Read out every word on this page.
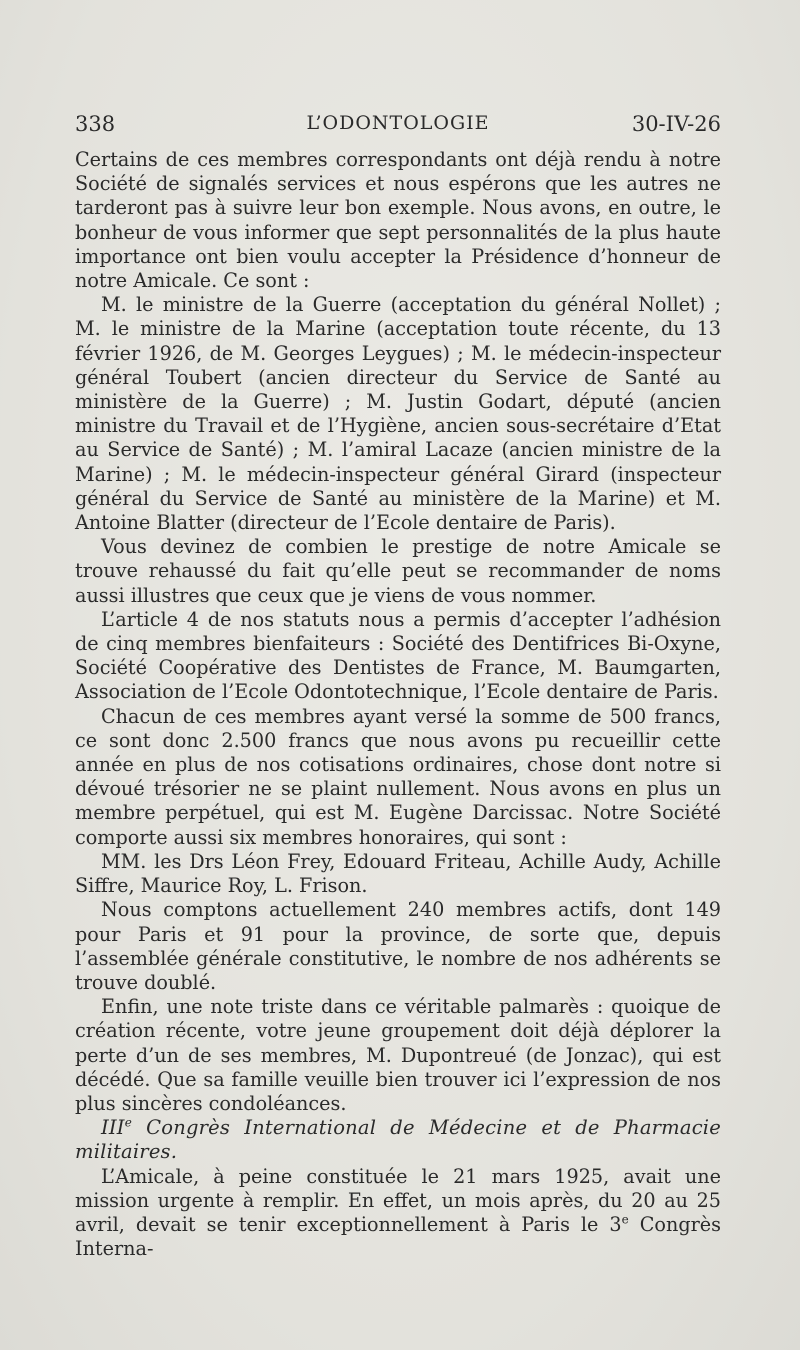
338	L’ODONTOLOGIE	30-IV-26

Certains de ces membres correspondants ont déjà rendu à notre Société de signalés services et nous espérons que les autres ne tarderont pas à suivre leur bon exemple. Nous avons, en outre, le bonheur de vous informer que sept personnalités de la plus haute importance ont bien voulu accepter la Présidence d’honneur de notre Amicale. Ce sont :

M. le ministre de la Guerre (acceptation du général Nollet) ; M. le ministre de la Marine (acceptation toute récente, du 13 février 1926, de M. Georges Leygues) ; M. le médecin-inspecteur général Toubert (ancien directeur du Service de Santé au ministère de la Guerre) ; M. Justin Godart, député (ancien ministre du Travail et de l’Hygiène, ancien sous-secrétaire d’Etat au Service de Santé) ; M. l’amiral Lacaze (ancien ministre de la Marine) ; M. le médecin-inspecteur général Girard (inspecteur général du Service de Santé au ministère de la Marine) et M. Antoine Blatter (directeur de l’Ecole dentaire de Paris).

Vous devinez de combien le prestige de notre Amicale se trouve rehaussé du fait qu’elle peut se recommander de noms aussi illustres que ceux que je viens de vous nommer.

L’article 4 de nos statuts nous a permis d’accepter l’adhésion de cinq membres bienfaiteurs : Société des Dentifrices Bi-Oxyne, Société Coopérative des Dentistes de France, M. Baumgarten, Association de l’Ecole Odontotechnique, l’Ecole dentaire de Paris.

Chacun de ces membres ayant versé la somme de 500 francs, ce sont donc 2.500 francs que nous avons pu recueillir cette année en plus de nos cotisations ordinaires, chose dont notre si dévoué trésorier ne se plaint nullement. Nous avons en plus un membre perpétuel, qui est M. Eugène Darcissac. Notre Société comporte aussi six membres honoraires, qui sont :

MM. les Drs Léon Frey, Edouard Friteau, Achille Audy, Achille Siffre, Maurice Roy, L. Frison.

Nous comptons actuellement 240 membres actifs, dont 149 pour Paris et 91 pour la province, de sorte que, depuis l’assemblée générale constitutive, le nombre de nos adhérents se trouve doublé.

Enfin, une note triste dans ce véritable palmarès : quoique de création récente, votre jeune groupement doit déjà déplorer la perte d’un de ses membres, M. Dupontreué (de Jonzac), qui est décédé. Que sa famille veuille bien trouver ici l’expression de nos plus sincères condoléances.

IIIe Congrès International de Médecine et de Pharmacie militaires.

L’Amicale, à peine constituée le 21 mars 1925, avait une mission urgente à remplir. En effet, un mois après, du 20 au 25 avril, devait se tenir exceptionnellement à Paris le 3e Congrès Interna-
